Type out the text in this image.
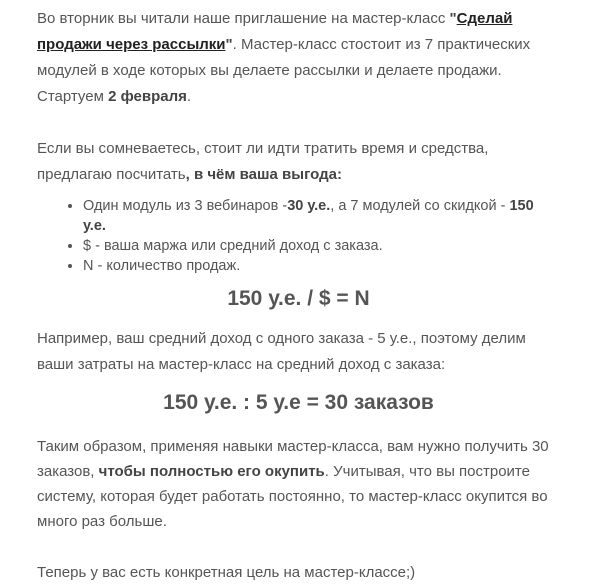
Во вторник вы читали наше приглашение на мастер-класс "Сделай продажи через рассылки". Мастер-класс стостоит из 7 практических модулей в ходе которых вы делаете рассылки и делаете продажи. Стартуем 2 февраля.

Если вы сомневаетесь, стоит ли идти тратить время и средства, предлагаю посчитать, в чём ваша выгода:

• Один модуль из 3 вебинаров -30 у.е., а 7 модулей со скидкой - 150 у.е.
• $ - ваша маржа или средний доход с заказа.
• N - количество продаж.
150 у.е. / $ = N

Например, ваш средний доход с одного заказа - 5 у.е., поэтому делим ваши затраты на мастер-класс на средний доход с заказа:

150 у.е. : 5 у.е = 30 заказов

Таким образом, применяя навыки мастер-класса, вам нужно получить 30 заказов, чтобы полностью его окупить. Учитывая, что вы построите систему, которая будет работать постоянно, то мастер-класс окупится во много раз больше.

Теперь у вас есть конкретная цель на мастер-классе;)
